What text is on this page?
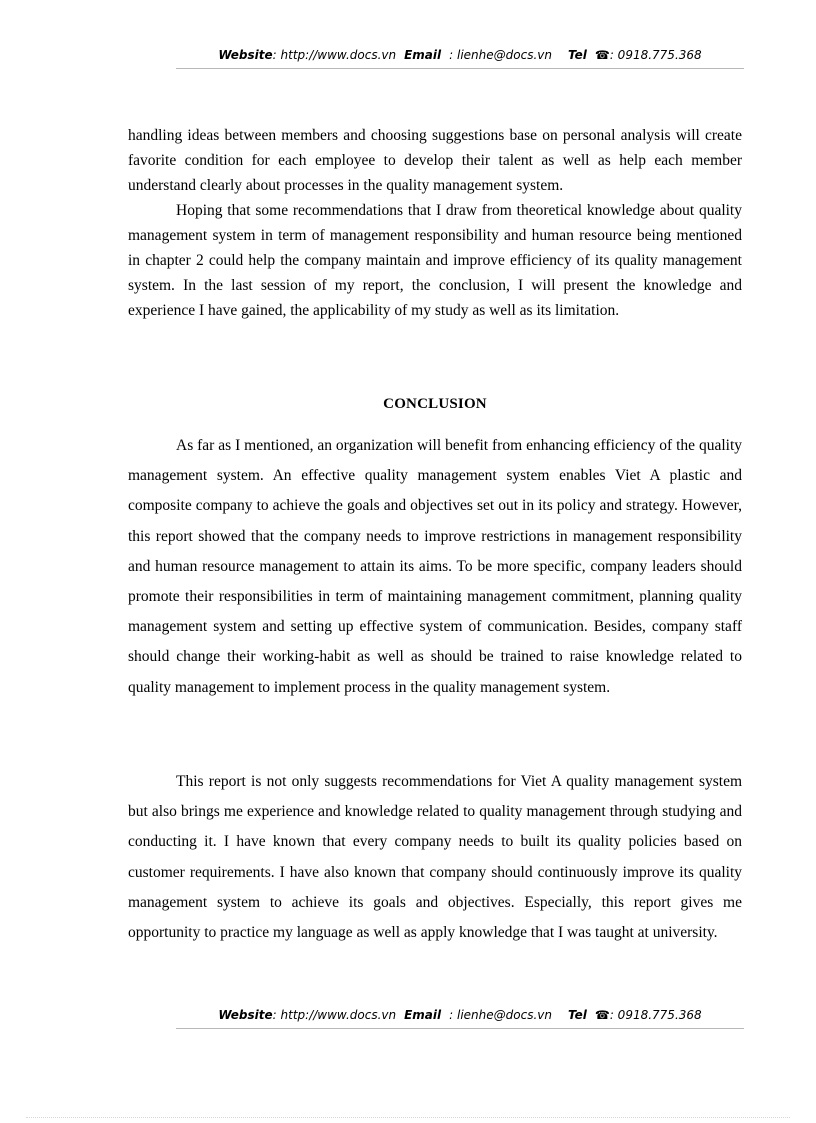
Website: http://www.docs.vn Email : lienhe@docs.vn Tel ☎: 0918.775.368

handling ideas between members and choosing suggestions base on personal analysis will create favorite condition for each employee to develop their talent as well as help each member understand clearly about processes in the quality management system.

Hoping that some recommendations that I draw from theoretical knowledge about quality management system in term of management responsibility and human resource being mentioned in chapter 2 could help the company maintain and improve efficiency of its quality management system. In the last session of my report, the conclusion, I will present the knowledge and experience I have gained, the applicability of my study as well as its limitation.

CONCLUSION

As far as I mentioned, an organization will benefit from enhancing efficiency of the quality management system. An effective quality management system enables Viet A plastic and composite company to achieve the goals and objectives set out in its policy and strategy. However, this report showed that the company needs to improve restrictions in management responsibility and human resource management to attain its aims. To be more specific, company leaders should promote their responsibilities in term of maintaining management commitment, planning quality management system and setting up effective system of communication. Besides, company staff should change their working-habit as well as should be trained to raise knowledge related to quality management to implement process in the quality management system.

This report is not only suggests recommendations for Viet A quality management system but also brings me experience and knowledge related to quality management through studying and conducting it. I have known that every company needs to built its quality policies based on customer requirements. I have also known that company should continuously improve its quality management system to achieve its goals and objectives. Especially, this report gives me opportunity to practice my language as well as apply knowledge that I was taught at university.

Website: http://www.docs.vn Email : lienhe@docs.vn Tel ☎: 0918.775.368
